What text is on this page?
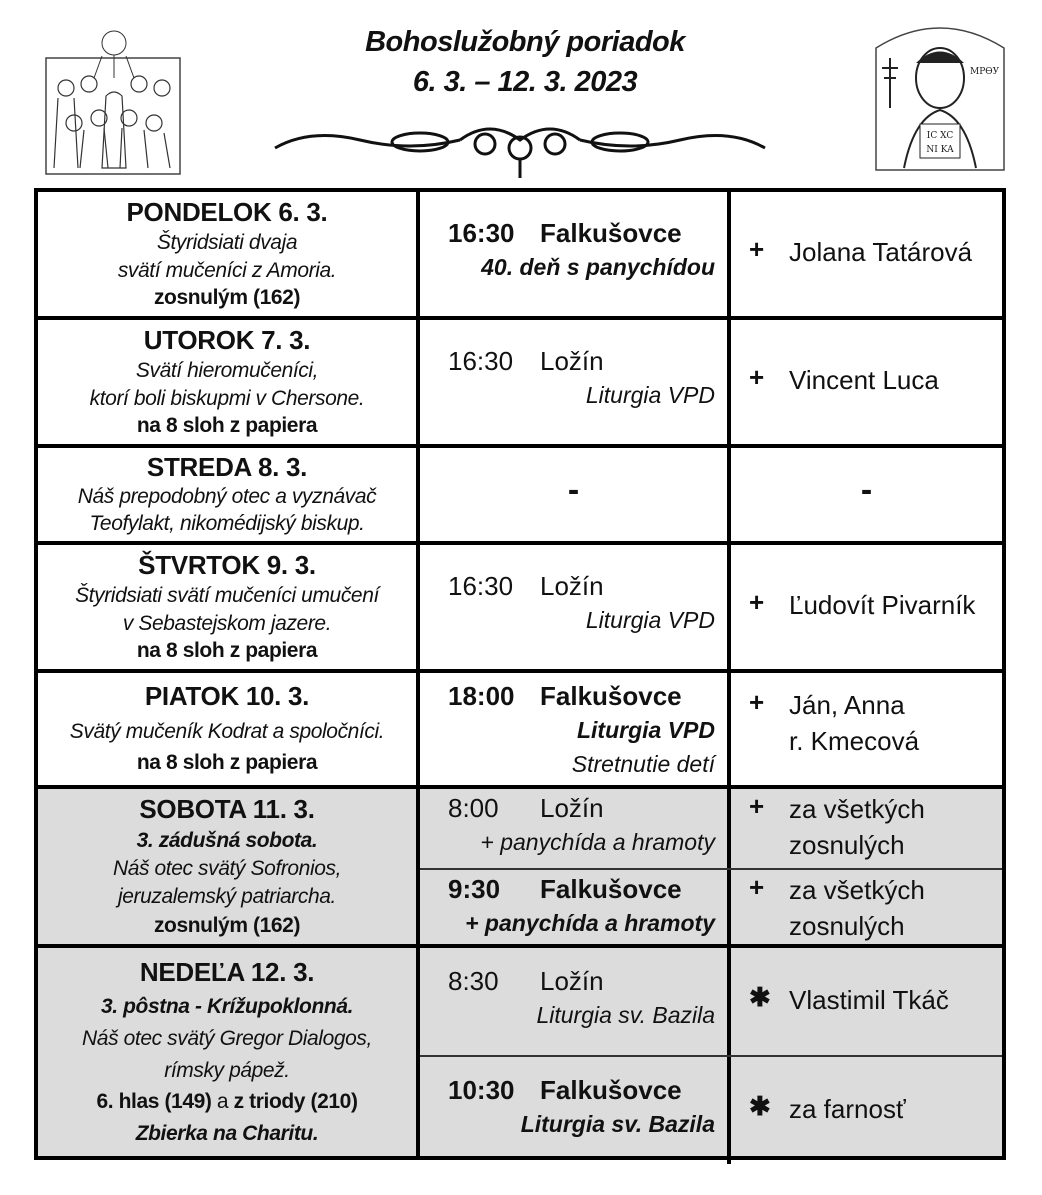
Bohoslužobný poriadok
6. 3. – 12. 3. 2023	МРѲУ
IC XC
NI KA
PONDELOK 6. 3.
Štyridsiati dvaja
svätí mučeníci z Amoria.
zosnulým (162)
16:30 Falkušovce
40. deň s panychídou
+ Jolana Tatárová
UTOROK 7. 3.
Svätí hieromučeníci,
ktorí boli biskupmi v Chersone.
na 8 sloh z papiera
16:30 Ložín
Liturgia VPD
+ Vincent Luca
STREDA 8. 3.
Náš prepodobný otec a vyznávač
Teofylakt, nikomédijský biskup.
-	-
ŠTVRTOK 9. 3.
Štyridsiati svätí mučeníci umučení
v Sebastejskom jazere.
na 8 sloh z papiera
16:30 Ložín
Liturgia VPD
+ Ľudovít Pivarník
PIATOK 10. 3.
Svätý mučeník Kodrat a spoločníci.
na 8 sloh z papiera
18:00 Falkušovce
Liturgia VPD
Stretnutie detí
+ Ján, Anna
r. Kmecová
SOBOTA 11. 3.
3. zádušná sobota.
Náš otec svätý Sofronios,
jeruzalemský patriarcha.
zosnulým (162)
8:00 Ložín
+ panychída a hramoty
+ za všetkých
zosnulých
9:30 Falkušovce
+ panychída a hramoty
+ za všetkých
zosnulých
NEDEĽA 12. 3.
3. pôstna - Krížupoklonná.
Náš otec svätý Gregor Dialogos,
rímsky pápež.
6. hlas (149) a z triody (210)
Zbierka na Charitu.
8:30 Ložín
Liturgia sv. Bazila
✱ Vlastimil Tkáč
10:30 Falkušovce
Liturgia sv. Bazila
✱ za farnosť
